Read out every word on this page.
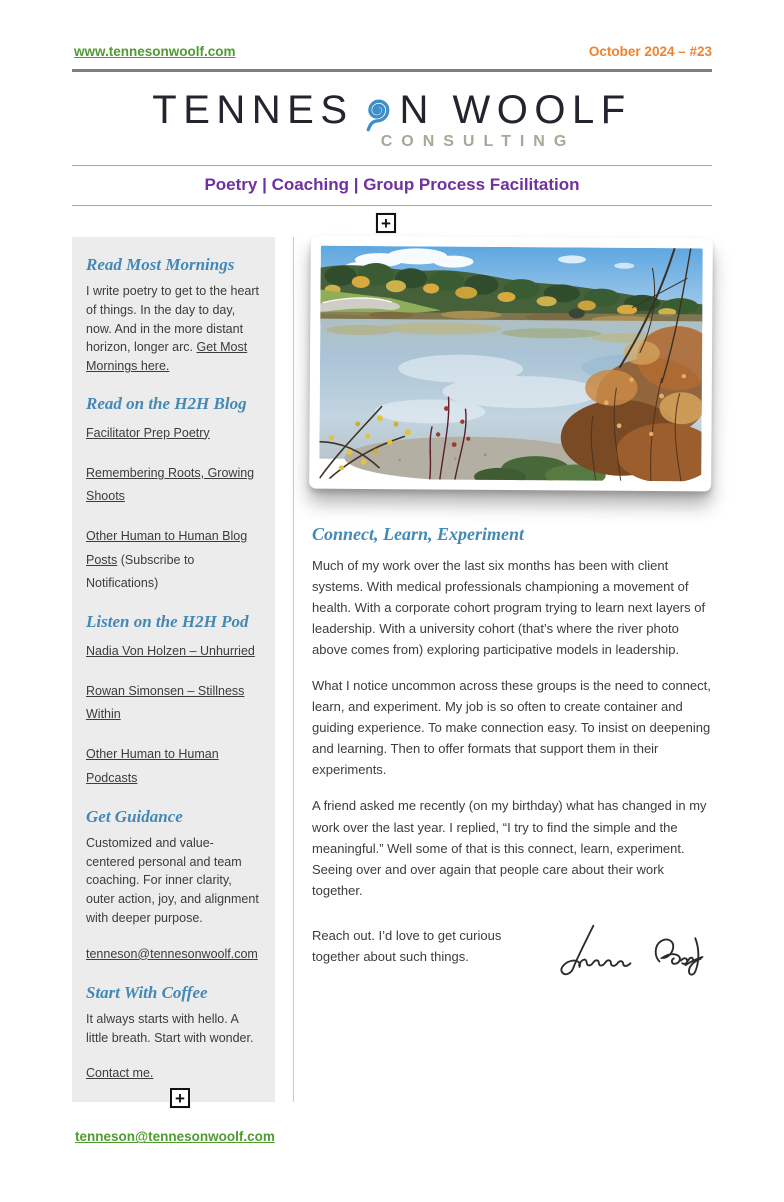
www.tennesonwoolf.com	October 2024 – #23
TENNES N WOOLF
CONSULTING
Poetry | Coaching | Group Process Facilitation
+
Read Most Mornings
I write poetry to get to the heart of things. In the day to day, now. And in the more distant horizon, longer arc. Get Most Mornings here.
Read on the H2H Blog
Facilitator Prep Poetry
Remembering Roots, Growing Shoots
Other Human to Human Blog Posts (Subscribe to Notifications)
Listen on the H2H Pod
Nadia Von Holzen – Unhurried
Rowan Simonsen – Stillness Within
Other Human to Human Podcasts
Get Guidance
Customized and value-centered personal and team coaching. For inner clarity, outer action, joy, and alignment with deeper purpose.
tenneson@tennesonwoolf.com
Start With Coffee
It always starts with hello. A little breath. Start with wonder.
Contact me.
Connect, Learn, Experiment

Much of my work over the last six months has been with client systems. With medical professionals championing a movement of health. With a corporate cohort program trying to learn next layers of leadership. With a university cohort (that’s where the river photo above comes from) exploring participative models in leadership.

What I notice uncommon across these groups is the need to connect, learn, and experiment. My job is so often to create container and guiding experience. To make connection easy. To insist on deepening and learning. Then to offer formats that support them in their experiments.

A friend asked me recently (on my birthday) what has changed in my work over the last year. I replied, “I try to find the simple and the meaningful.” Well some of that is this connect, learn, experiment. Seeing over and over again that people care about their work together.

Reach out. I’d love to get curious together about such things.

+
tenneson@tennesonwoolf.com
